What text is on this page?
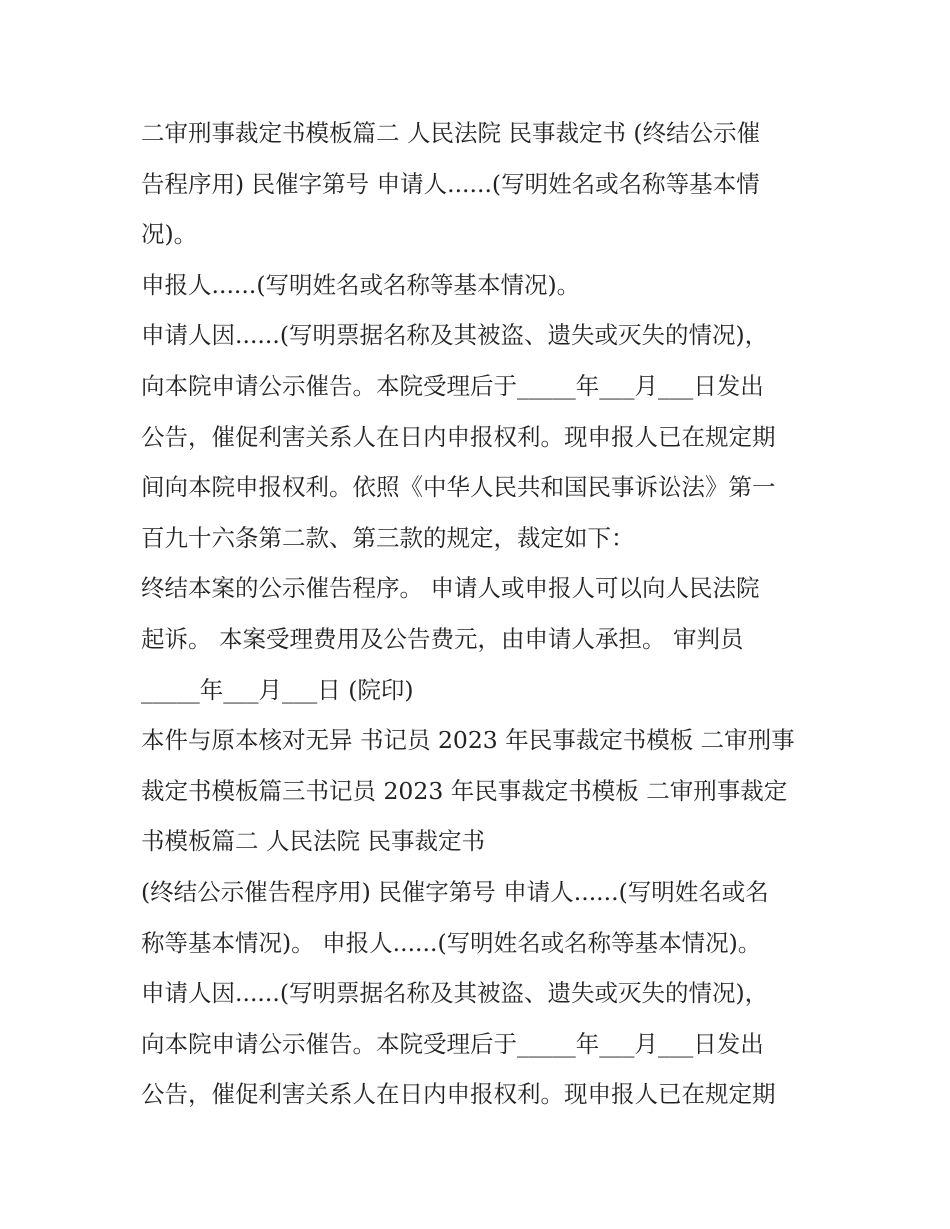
二审刑事裁定书模板篇二 人民法院 民事裁定书 (终结公示催
告程序用) 民催字第号 申请人......(写明姓名或名称等基本情
况)。
申报人......(写明姓名或名称等基本情况)。
申请人因......(写明票据名称及其被盗、遗失或灭失的情况)，
向本院申请公示催告。本院受理后于_____年___月___日发出
公告，催促利害关系人在日内申报权利。现申报人已在规定期
间向本院申报权利。依照《中华人民共和国民事诉讼法》第一
百九十六条第二款、第三款的规定，裁定如下：
终结本案的公示催告程序。 申请人或申报人可以向人民法院
起诉。 本案受理费用及公告费元，由申请人承担。 审判员
_____年___月___日 (院印)
本件与原本核对无异 书记员 2023 年民事裁定书模板 二审刑事
裁定书模板篇三书记员 2023 年民事裁定书模板 二审刑事裁定
书模板篇二 人民法院 民事裁定书
(终结公示催告程序用) 民催字第号 申请人......(写明姓名或名
称等基本情况)。 申报人......(写明姓名或名称等基本情况)。
申请人因......(写明票据名称及其被盗、遗失或灭失的情况)，
向本院申请公示催告。本院受理后于_____年___月___日发出
公告，催促利害关系人在日内申报权利。现申报人已在规定期
